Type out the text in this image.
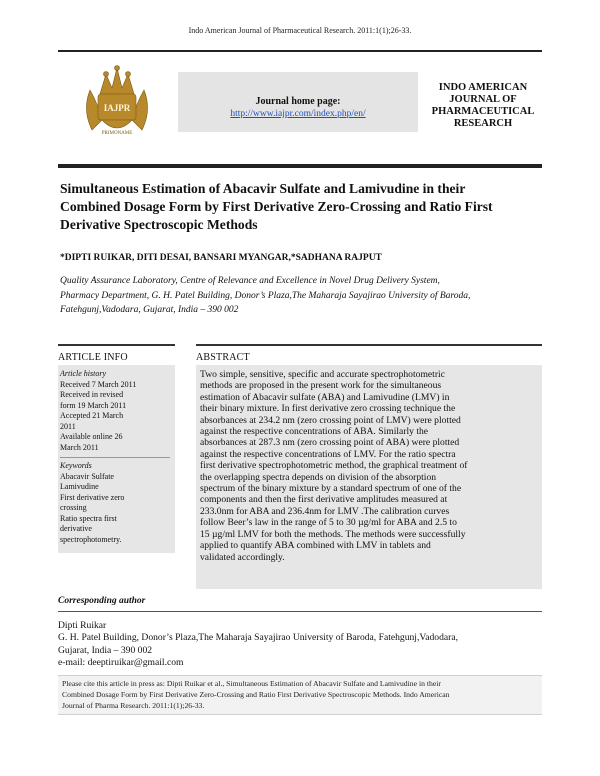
Indo American Journal of Pharmaceutical Research. 2011:1(1);26-33.
IAJPR
PRIMONAME
Journal home page:
http://www.iajpr.com/index.php/en/
INDO AMERICAN
JOURNAL OF
PHARMACEUTICAL
RESEARCH
Simultaneous Estimation of Abacavir Sulfate and Lamivudine in their
Combined Dosage Form by First Derivative Zero-Crossing and Ratio First
Derivative Spectroscopic Methods
*DIPTI RUIKAR, DITI DESAI, BANSARI MYANGAR,*SADHANA RAJPUT
Quality Assurance Laboratory, Centre of Relevance and Excellence in Novel Drug Delivery System,
Pharmacy Department, G. H. Patel Building, Donor’s Plaza,The Maharaja Sayajirao University of Baroda,
Fatehgunj,Vadodara, Gujarat, India – 390 002
ARTICLE INFO
Article history
Received 7 March 2011
Received in revised
form 19 March 2011
Accepted 21 March
2011
Available online 26
March 2011
Keywords
Abacavir Sulfate
Lamivudine
First derivative zero
crossing
Ratio spectra first
derivative
spectrophotometry.
ABSTRACT
Two simple, sensitive, specific and accurate spectrophotometric
methods are proposed in the present work for the simultaneous
estimation of Abacavir sulfate (ABA) and Lamivudine (LMV) in
their binary mixture. In first derivative zero crossing technique the
absorbances at 234.2 nm (zero crossing point of LMV) were plotted
against the respective concentrations of ABA. Similarly the
absorbances at 287.3 nm (zero crossing point of ABA) were plotted
against the respective concentrations of LMV. For the ratio spectra
first derivative spectrophotometric method, the graphical treatment of
the overlapping spectra depends on division of the absorption
spectrum of the binary mixture by a standard spectrum of one of the
components and then the first derivative amplitudes measured at
233.0nm for ABA and 236.4nm for LMV .The calibration curves
follow Beer’s law in the range of 5 to 30 µg/ml for ABA and 2.5 to
15 µg/ml LMV for both the methods. The methods were successfully
applied to quantify ABA combined with LMV in tablets and
validated accordingly.
Corresponding author
Dipti Ruikar
G. H. Patel Building, Donor’s Plaza,The Maharaja Sayajirao University of Baroda, Fatehgunj,Vadodara,
Gujarat, India – 390 002
e-mail: deeptiruikar@gmail.com
Please cite this article in press as: Dipti Ruikar et al., Simultaneous Estimation of Abacavir Sulfate and Lamivudine in their
Combined Dosage Form by First Derivative Zero-Crossing and Ratio First Derivative Spectroscopic Methods. Indo American
Journal of Pharma Research. 2011:1(1);26-33.
